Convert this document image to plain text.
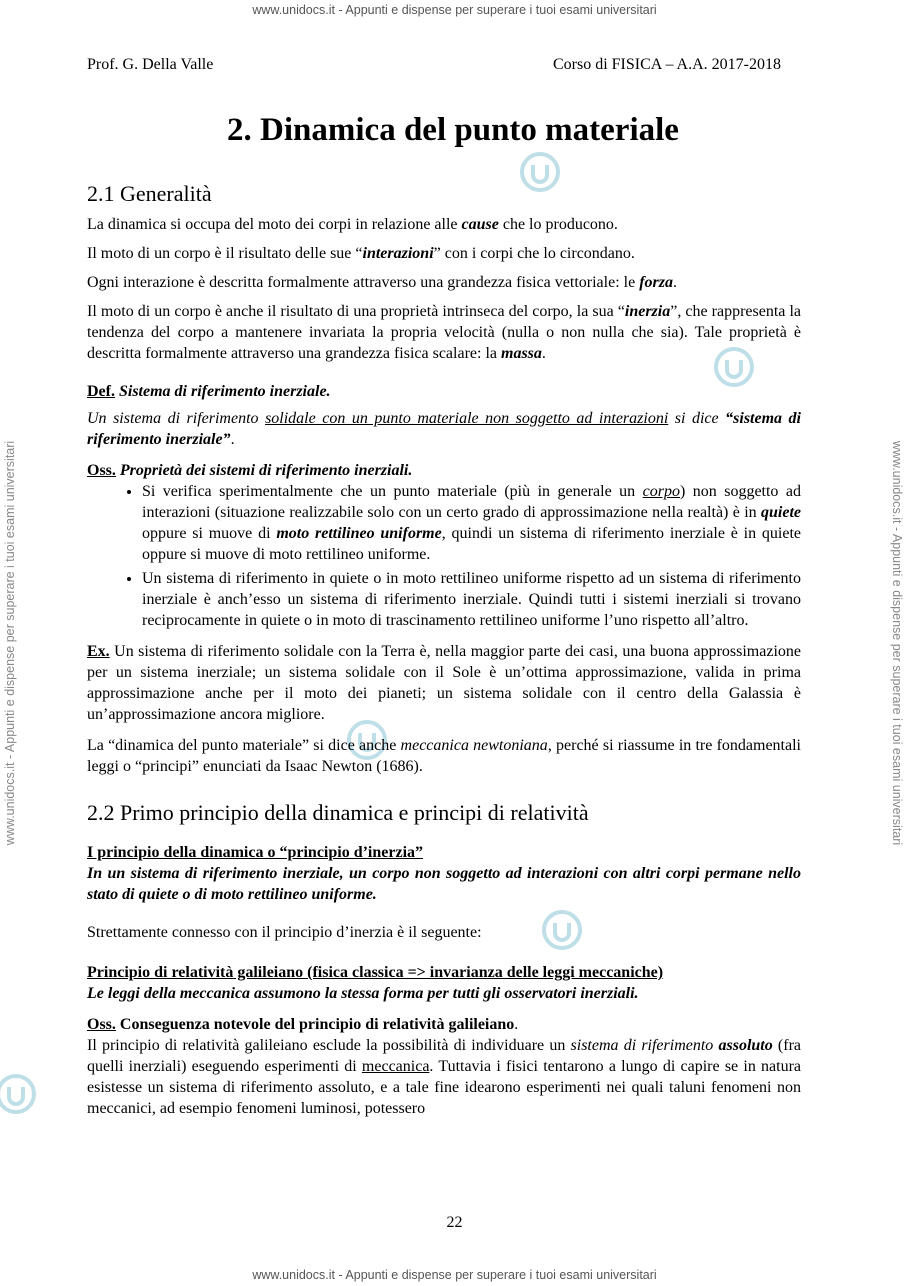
www.unidocs.it - Appunti e dispense per superare i tuoi esami universitari
www.unidocs.it - Appunti e dispense per superare i tuoi esami universitari
www.unidocs.it - Appunti e dispense per superare i tuoi esami universitari	www.unidocs.it - Appunti e dispense per superare i tuoi esami universitari
Prof. G. Della Valle	Corso di FISICA – A.A. 2017-2018
2. Dinamica del punto materiale
2.1 Generalità

La dinamica si occupa del moto dei corpi in relazione alle cause che lo producono.

Il moto di un corpo è il risultato delle sue “interazioni” con i corpi che lo circondano.

Ogni interazione è descritta formalmente attraverso una grandezza fisica vettoriale: le forza.

Il moto di un corpo è anche il risultato di una proprietà intrinseca del corpo, la sua “inerzia”, che rappresenta la tendenza del corpo a mantenere invariata la propria velocità (nulla o non nulla che sia). Tale proprietà è descritta formalmente attraverso una grandezza fisica scalare: la massa.

Def. Sistema di riferimento inerziale.

Un sistema di riferimento solidale con un punto materiale non soggetto ad interazioni si dice “sistema di riferimento inerziale”.

Oss. Proprietà dei sistemi di riferimento inerziali.

• Si verifica sperimentalmente che un punto materiale (più in generale un corpo) non soggetto ad interazioni (situazione realizzabile solo con un certo grado di approssimazione nella realtà) è in quiete oppure si muove di moto rettilineo uniforme, quindi un sistema di riferimento inerziale è in quiete oppure si muove di moto rettilineo uniforme.
• Un sistema di riferimento in quiete o in moto rettilineo uniforme rispetto ad un sistema di riferimento inerziale è anch’esso un sistema di riferimento inerziale. Quindi tutti i sistemi inerziali si trovano reciprocamente in quiete o in moto di trascinamento rettilineo uniforme l’uno rispetto all’altro.

Ex. Un sistema di riferimento solidale con la Terra è, nella maggior parte dei casi, una buona approssimazione per un sistema inerziale; un sistema solidale con il Sole è un’ottima approssimazione, valida in prima approssimazione anche per il moto dei pianeti; un sistema solidale con il centro della Galassia è un’approssimazione ancora migliore.

La “dinamica del punto materiale” si dice anche meccanica newtoniana, perché si riassume in tre fondamentali leggi o “principi” enunciati da Isaac Newton (1686).

2.2 Primo principio della dinamica e principi di relatività

I principio della dinamica o “principio d’inerzia”

In un sistema di riferimento inerziale, un corpo non soggetto ad interazioni con altri corpi permane nello stato di quiete o di moto rettilineo uniforme.

Strettamente connesso con il principio d’inerzia è il seguente:

Principio di relatività galileiano (fisica classica => invarianza delle leggi meccaniche)

Le leggi della meccanica assumono la stessa forma per tutti gli osservatori inerziali.

Oss. Conseguenza notevole del principio di relatività galileiano.

Il principio di relatività galileiano esclude la possibilità di individuare un sistema di riferimento assoluto (fra quelli inerziali) eseguendo esperimenti di meccanica. Tuttavia i fisici tentarono a lungo di capire se in natura esistesse un sistema di riferimento assoluto, e a tale fine idearono esperimenti nei quali taluni fenomeni non meccanici, ad esempio fenomeni luminosi, potessero

22
